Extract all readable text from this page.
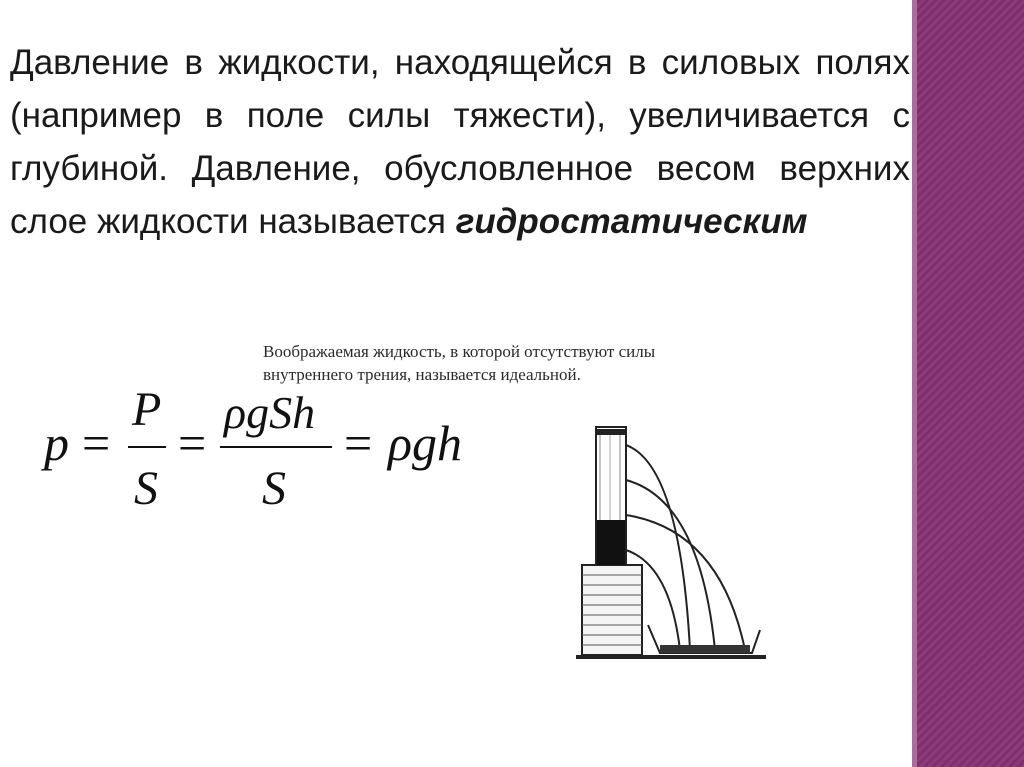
Давление в жидкости, находящейся в силовых полях (например в поле силы тяжести), увеличивается с глубиной. Давление, обусловленное весом верхних слое жидкости называется гидростатическим
Воображаемая жидкость, в которой отсутствуют силы внутреннего трения, называется идеальной.
p =
P
S
=
ρgSh
S
= ρgh
